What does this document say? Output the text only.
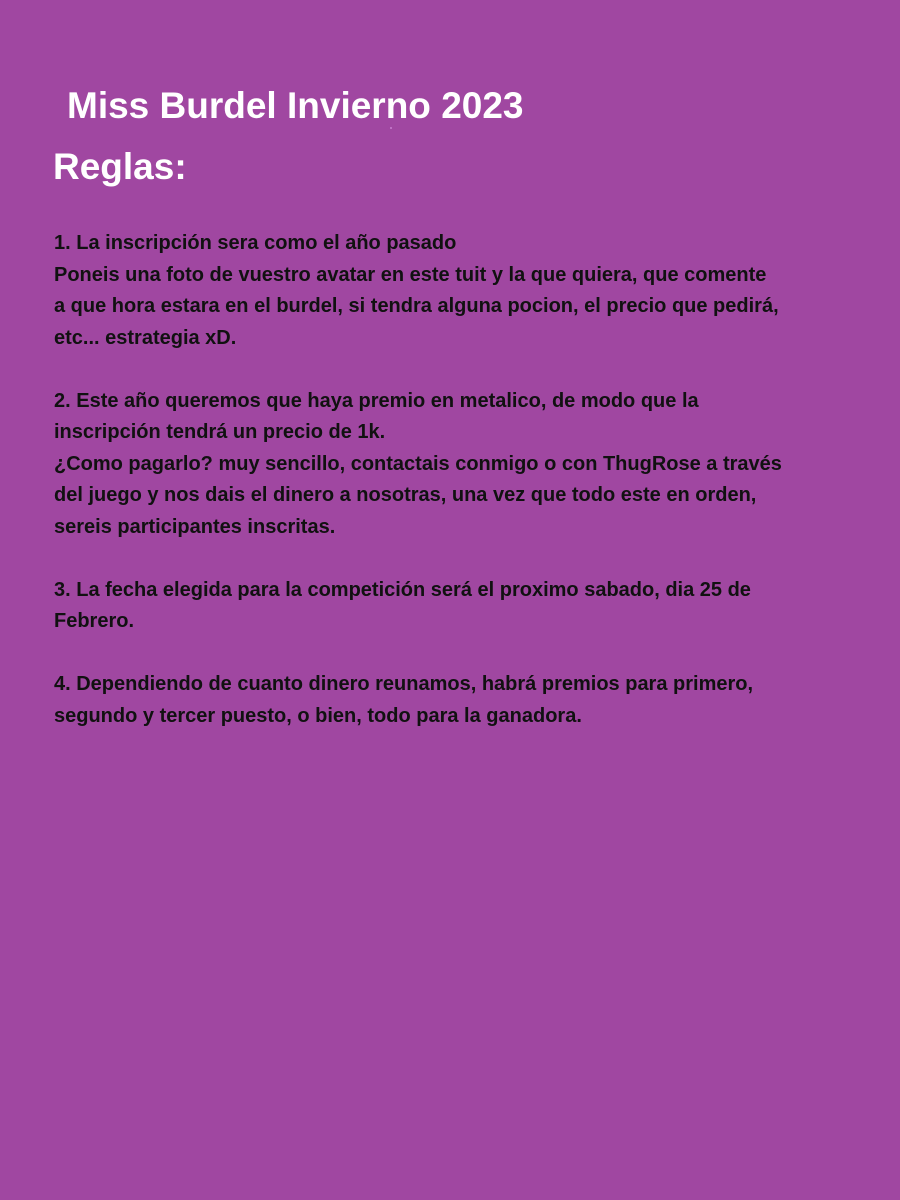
Miss Burdel Invierno 2023
Reglas:
1. La inscripción sera como el año pasado
Poneis una foto de vuestro avatar en este tuit y la que quiera, que comente
a que hora estara en el burdel, si tendra alguna pocion, el precio que pedirá,
etc... estrategia xD.
2. Este año queremos que haya premio en metalico, de modo que la
inscripción tendrá un precio de 1k.
¿Como pagarlo? muy sencillo, contactais conmigo o con ThugRose a través
del juego y nos dais el dinero a nosotras, una vez que todo este en orden,
sereis participantes inscritas.
3. La fecha elegida para la competición será el proximo sabado, dia 25 de
Febrero.
4. Dependiendo de cuanto dinero reunamos, habrá premios para primero,
segundo y tercer puesto, o bien, todo para la ganadora.
